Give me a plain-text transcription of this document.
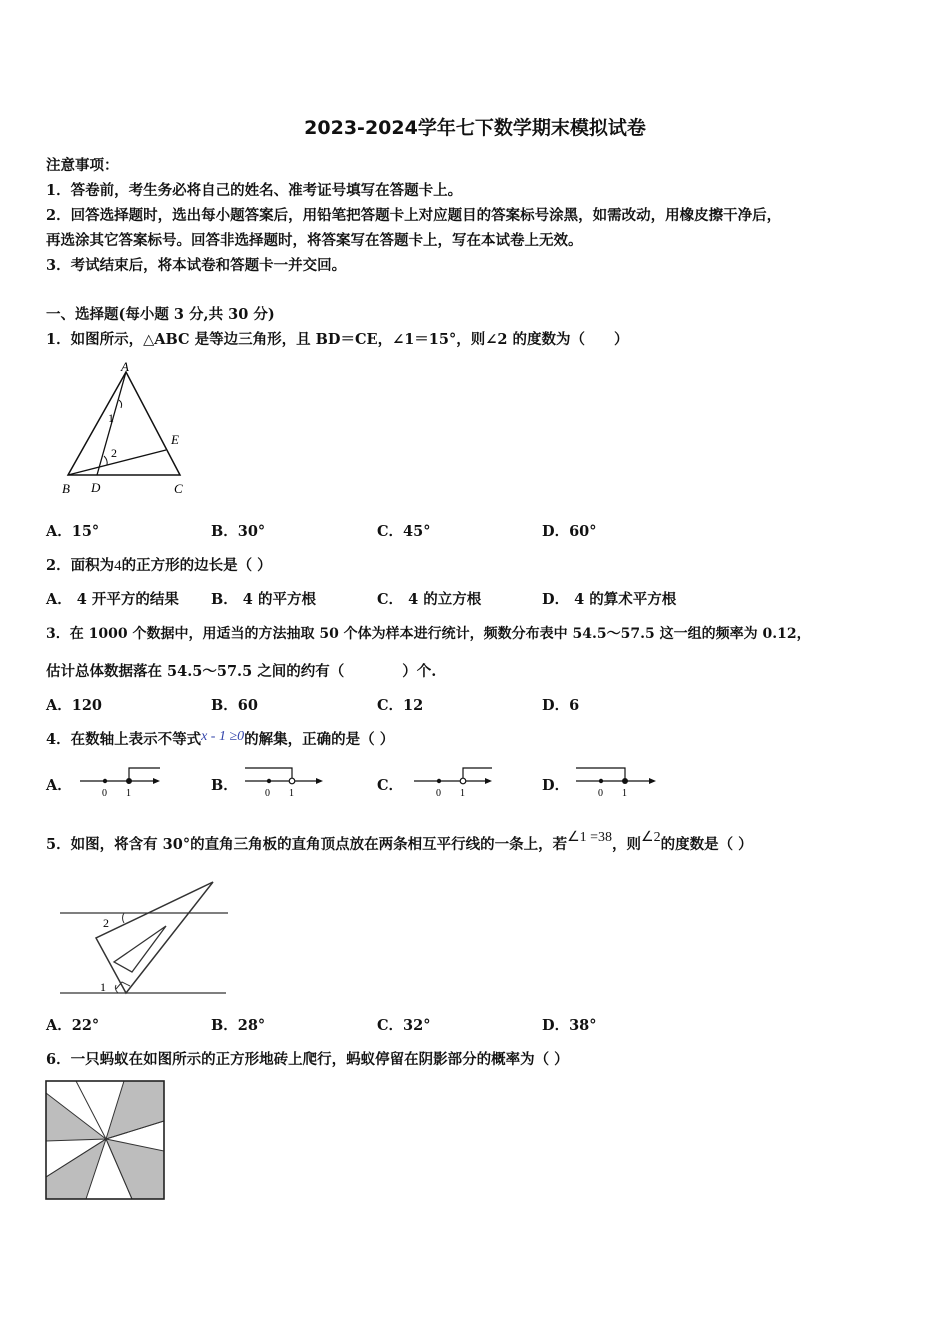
2023-2024学年七下数学期末模拟试卷
注意事项：
1．答卷前，考生务必将自己的姓名、准考证号填写在答题卡上。
2．回答选择题时，选出每小题答案后，用铅笔把答题卡上对应题目的答案标号涂黑，如需改动，用橡皮擦干净后，
再选涂其它答案标号。回答非选择题时，将答案写在答题卡上，写在本试卷上无效。
3．考试结束后，将本试卷和答题卡一并交回。
一、选择题(每小题 3 分,共 30 分)
1．如图所示，△ABC 是等边三角形，且 BD＝CE，∠1＝15°，则∠2 的度数为（　　）
A
B D	C
E
1
2
A．15°	B．30°	C．45°	D．60°
2．面积为4的正方形的边长是（ ）
A． 4 开平方的结果 B． 4 的平方根	C． 4 的立方根	D． 4 的算术平方根
3．在 1000 个数据中，用适当的方法抽取 50 个体为样本进行统计，频数分布表中 54.5～57.5 这一组的频率为 0.12，
估计总体数据落在 54.5～57.5 之间的约有（　　　　）个.
A．120	B．60	C．12	D．6
4．在数轴上表示不等式x - 1 ≥0的解集，正确的是（ ）
A．	0 1	B．	0 1	C．	0 1	D．	0 1
5．如图，将含有 30°的直角三角板的直角顶点放在两条相互平行线的一条上，若∠1 =38，则∠2的度数是（ ）
2
1
A．22°	B．28°	C．32°	D．38°
6．一只蚂蚁在如图所示的正方形地砖上爬行，蚂蚁停留在阴影部分的概率为（ ）
